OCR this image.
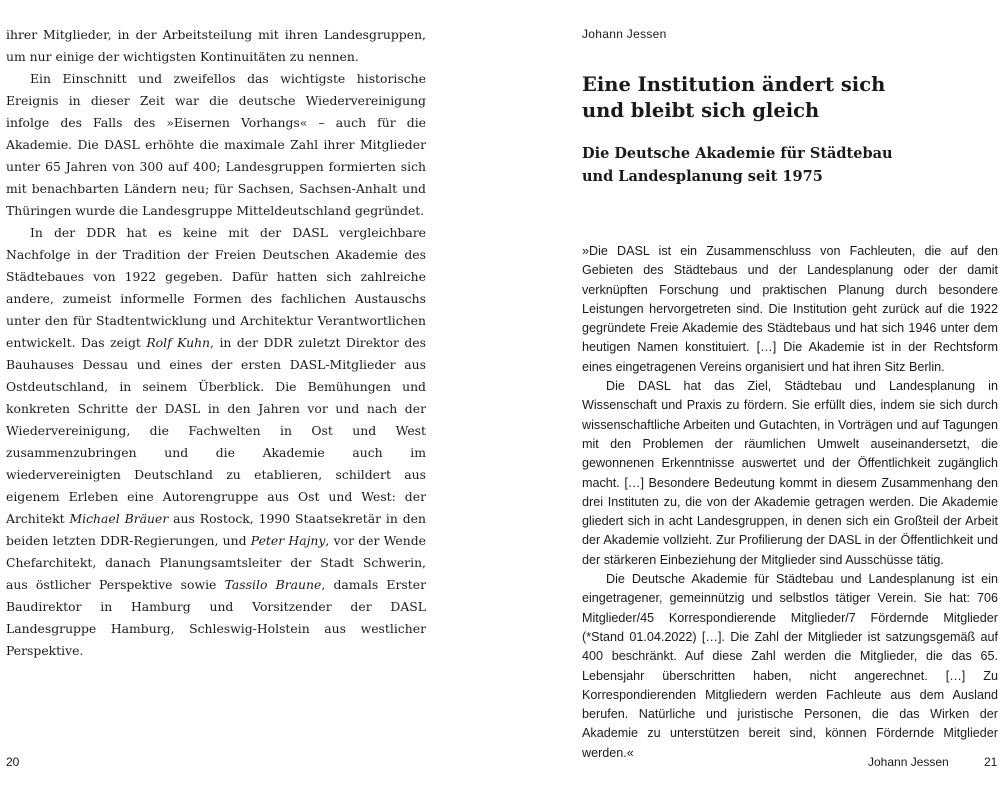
ihrer Mitglieder, in der Arbeitsteilung mit ihren Landesgruppen, um nur einige der wichtigsten Kontinuitäten zu nennen.

Ein Einschnitt und zweifellos das wichtigste historische Ereignis in dieser Zeit war die deutsche Wiedervereinigung infolge des Falls des »Eisernen Vorhangs« – auch für die Akademie. Die DASL erhöhte die maximale Zahl ihrer Mitglieder unter 65 Jahren von 300 auf 400; Landesgruppen formierten sich mit benachbarten Ländern neu; für Sachsen, Sachsen-Anhalt und Thüringen wurde die Landesgruppe Mitteldeutschland gegründet.

In der DDR hat es keine mit der DASL vergleichbare Nachfolge in der Tradition der Freien Deutschen Akademie des Städtebaues von 1922 gegeben. Dafür hatten sich zahlreiche andere, zumeist informelle Formen des fachlichen Austauschs unter den für Stadtentwicklung und Architektur Verantwortlichen entwickelt. Das zeigt Rolf Kuhn, in der DDR zuletzt Direktor des Bauhauses Dessau und eines der ersten DASL-Mitglieder aus Ostdeutschland, in seinem Überblick. Die Bemühungen und konkreten Schritte der DASL in den Jahren vor und nach der Wiedervereinigung, die Fachwelten in Ost und West zusammenzubringen und die Akademie auch im wiedervereinigten Deutschland zu etablieren, schildert aus eigenem Erleben eine Autorengruppe aus Ost und West: der Architekt Michael Bräuer aus Rostock, 1990 Staatsekretär in den beiden letzten DDR-Regierungen, und Peter Hajny, vor der Wende Chefarchitekt, danach Planungsamtsleiter der Stadt Schwerin, aus östlicher Perspektive sowie Tassilo Braune, damals Erster Baudirektor in Hamburg und Vorsitzender der DASL Landesgruppe Hamburg, Schleswig-Holstein aus westlicher Perspektive.

20
Johann Jessen
Eine Institution ändert sich
und bleibt sich gleich
Die Deutsche Akademie für Städtebau
und Landesplanung seit 1975

»Die DASL ist ein Zusammenschluss von Fachleuten, die auf den Gebieten des Städtebaus und der Landesplanung oder der damit verknüpften Forschung und praktischen Planung durch besondere Leistungen hervorgetreten sind. Die Institution geht zurück auf die 1922 gegründete Freie Akademie des Städtebaus und hat sich 1946 unter dem heutigen Namen konstituiert. […] Die Akademie ist in der Rechtsform eines eingetragenen Vereins organisiert und hat ihren Sitz Berlin.

Die DASL hat das Ziel, Städtebau und Landesplanung in Wissenschaft und Praxis zu fördern. Sie erfüllt dies, indem sie sich durch wissenschaftliche Arbeiten und Gutachten, in Vorträgen und auf Tagungen mit den Problemen der räumlichen Umwelt auseinandersetzt, die gewonnenen Erkenntnisse auswertet und der Öffentlichkeit zugänglich macht. […] Besondere Bedeutung kommt in diesem Zusammenhang den drei Instituten zu, die von der Akademie getragen werden. Die Akademie gliedert sich in acht Landesgruppen, in denen sich ein Großteil der Arbeit der Akademie vollzieht. Zur Profilierung der DASL in der Öffentlichkeit und der stärkeren Einbeziehung der Mitglieder sind Ausschüsse tätig.

Die Deutsche Akademie für Städtebau und Landesplanung ist ein eingetragener, gemeinnützig und selbstlos tätiger Verein. Sie hat: 706 Mitglieder/45 Korrespondierende Mitglieder/7 Fördernde Mitglieder (*Stand 01.04.2022) […]. Die Zahl der Mitglieder ist satzungsgemäß auf 400 beschränkt. Auf diese Zahl werden die Mitglieder, die das 65. Lebensjahr überschritten haben, nicht angerechnet. […] Zu Korrespondierenden Mitgliedern werden Fachleute aus dem Ausland berufen. Natürliche und juristische Personen, die das Wirken der Akademie zu unterstützen bereit sind, können Fördernde Mitglieder werden.«

Johann Jessen	21
